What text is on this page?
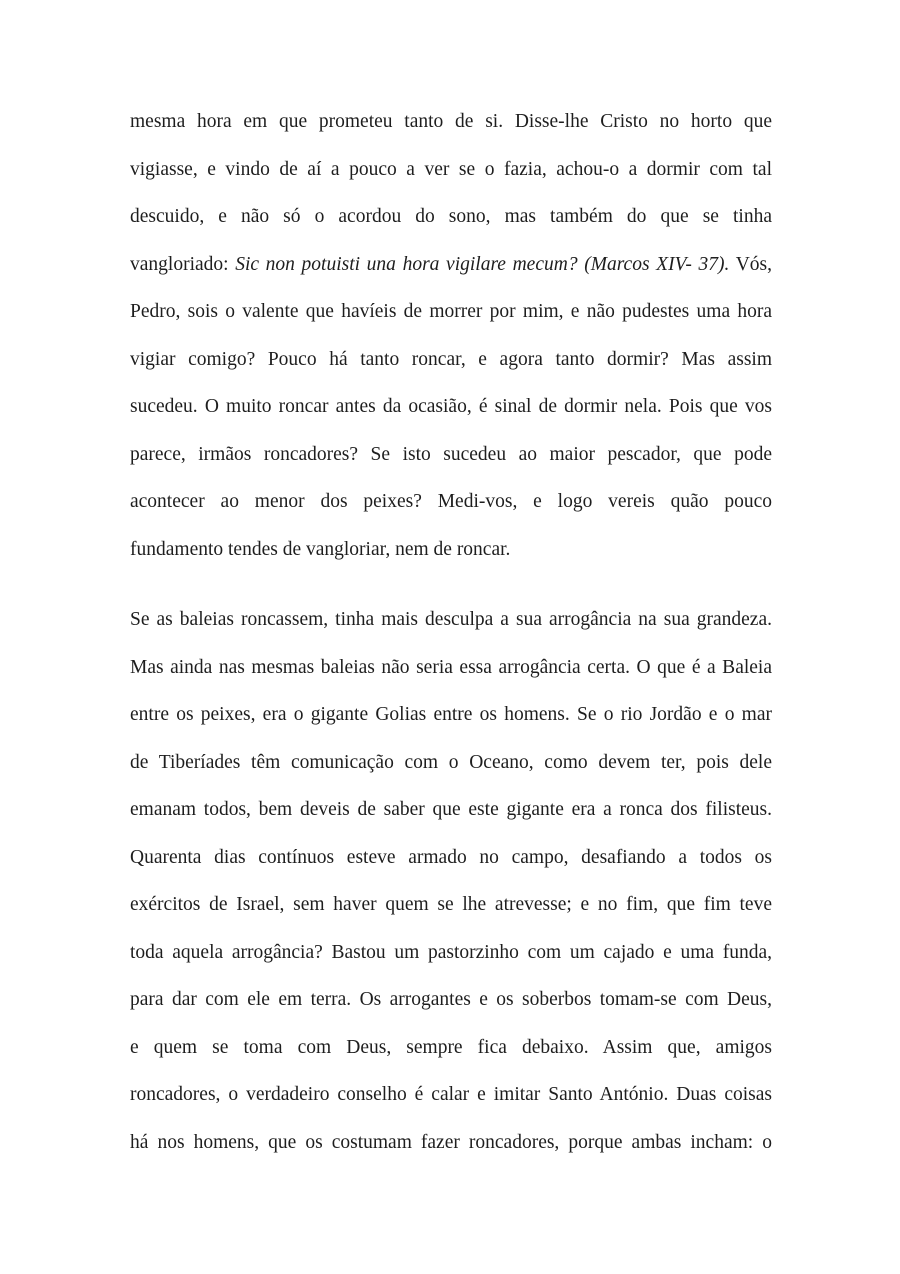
mesma hora em que prometeu tanto de si. Disse-lhe Cristo no horto que
vigiasse, e vindo de aí a pouco a ver se o fazia, achou-o a dormir com tal
descuido, e não só o acordou do sono, mas também do que se tinha
vangloriado: Sic non potuisti una hora vigilare mecum? (Marcos XIV- 37). Vós,
Pedro, sois o valente que havíeis de morrer por mim, e não pudestes uma hora
vigiar comigo? Pouco há tanto roncar, e agora tanto dormir? Mas assim
sucedeu. O muito roncar antes da ocasião, é sinal de dormir nela. Pois que vos
parece, irmãos roncadores? Se isto sucedeu ao maior pescador, que pode
acontecer ao menor dos peixes? Medi-vos, e logo vereis quão pouco
fundamento tendes de vangloriar, nem de roncar.

Se as baleias roncassem, tinha mais desculpa a sua arrogância na sua grandeza.
Mas ainda nas mesmas baleias não seria essa arrogância certa. O que é a Baleia
entre os peixes, era o gigante Golias entre os homens. Se o rio Jordão e o mar
de Tiberíades têm comunicação com o Oceano, como devem ter, pois dele
emanam todos, bem deveis de saber que este gigante era a ronca dos filisteus.
Quarenta dias contínuos esteve armado no campo, desafiando a todos os
exércitos de Israel, sem haver quem se lhe atrevesse; e no fim, que fim teve
toda aquela arrogância? Bastou um pastorzinho com um cajado e uma funda,
para dar com ele em terra. Os arrogantes e os soberbos tomam-se com Deus,
e quem se toma com Deus, sempre fica debaixo. Assim que, amigos
roncadores, o verdadeiro conselho é calar e imitar Santo António. Duas coisas
há nos homens, que os costumam fazer roncadores, porque ambas incham: o
